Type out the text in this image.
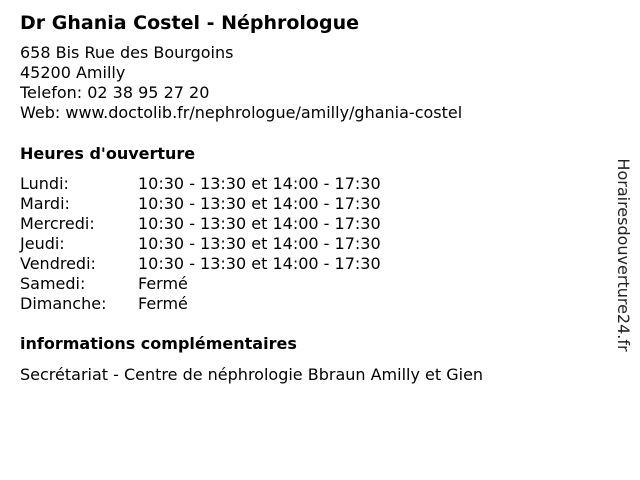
Dr Ghania Costel - Néphrologue
658 Bis Rue des Bourgoins
45200 Amilly
Telefon: 02 38 95 27 20
Web: www.doctolib.fr/nephrologue/amilly/ghania-costel
Heures d'ouverture
Lundi:	10:30 - 13:30 et 14:00 - 17:30
Mardi:	10:30 - 13:30 et 14:00 - 17:30
Mercredi:	10:30 - 13:30 et 14:00 - 17:30
Jeudi:	10:30 - 13:30 et 14:00 - 17:30
Vendredi:	10:30 - 13:30 et 14:00 - 17:30
Samedi:	Fermé
Dimanche: Fermé
informations complémentaires
Secrétariat - Centre de néphrologie Bbraun Amilly et Gien
Horairesdouverture24.fr
